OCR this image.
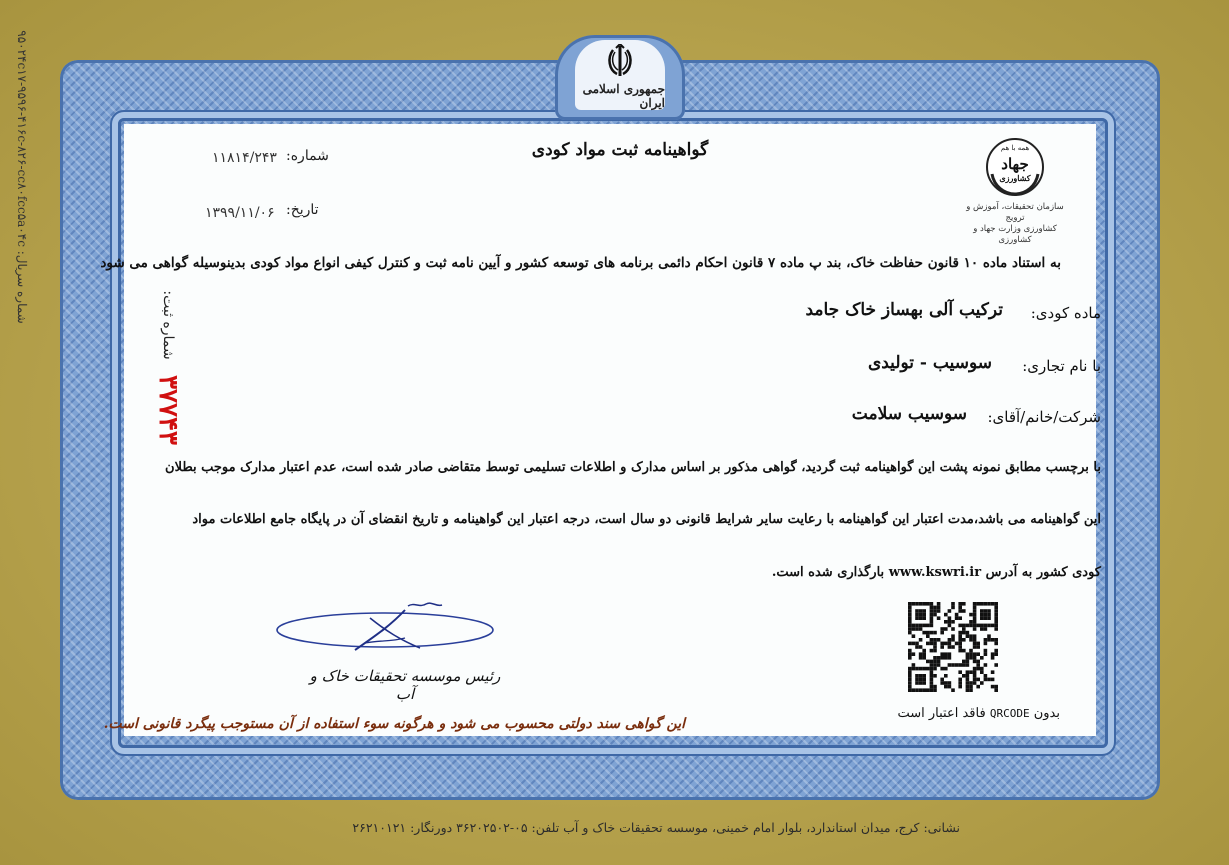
شماره سریال: ۹۵۰۲۴c۱۷-۹۵۹۶-۴۱۶c-۸۲۶-cc۸۰fcc۵a۰۴c
جمهوری اسلامی ایران
گواهینامه ثبت مواد کودی
شماره:
۱۱۸۱۴/۲۴۳
تاریخ:
۱۳۹۹/۱۱/۰۶
همه با هم
جهاد
کشاورزی
سازمان تحقیقات، آموزش و ترویج
کشاورزی وزارت جهاد و کشاورزی
به استناد ماده ۱۰ قانون حفاظت خاک، بند پ ماده ۷ قانون احکام دائمی برنامه های توسعه کشور و آیین نامه ثبت و کنترل کیفی انواع مواد کودی بدینوسیله گواهی می شود
ماده کودی:
ترکیب آلی بهساز خاک جامد
با نام تجاری:
سوسیب - تولیدی
شرکت/خانم/آقای:
سوسیب سلامت
شماره ثبت:
۳۷۷۴۳
با برچسب مطابق نمونه پشت این گواهینامه ثبت گردید، گواهی مذکور بر اساس مدارک و اطلاعات تسلیمی توسط متقاضی صادر شده است، عدم اعتبار مدارک موجب بطلان
این گواهینامه می باشد،مدت اعتبار این گواهینامه با رعایت سایر شرایط قانونی دو سال است، درجه اعتبار این گواهینامه و تاریخ انقضای آن در پایگاه جامع اطلاعات مواد
کودی کشور به آدرس www.kswri.ir بارگذاری شده است.
رئیس موسسه تحقیقات خاک و آب
بدون QRCODE فاقد اعتبار است
این گواهی سند دولتی محسوب می شود و هرگونه سوء استفاده از آن مستوجب پیگرد قانونی است.
نشانی: کرج، میدان استاندارد، بلوار امام خمینی، موسسه تحقیقات خاک و آب تلفن: ۰۵-۳۶۲۰۲۵۰۲ دورنگار: ۲۶۲۱۰۱۲۱
